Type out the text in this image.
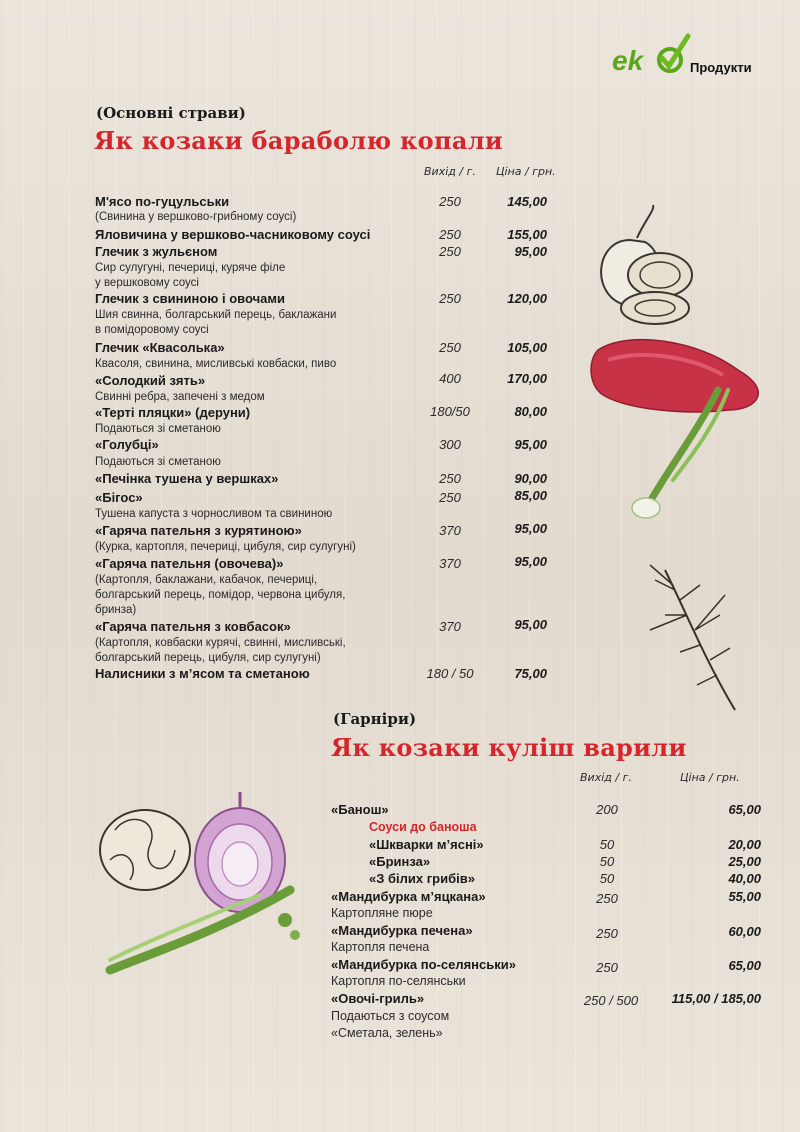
ek	Продукти
(Основні страви)
Як козаки бараболю копали
Вихід / г. Ціна / грн.
М'ясо по-гуцульськи
(Свинина у вершково-грибному соусі)
250	145,00
Яловичина у вершково-часниковому соусі	250	155,00
Глечик з жульєном
Сир сулугуні, печериці, куряче філе
у вершковому соусі
250	95,00
Глечик з свининою і овочами
Шия свинна, болгарський перець, баклажани
в помідоровому соусі
250	120,00
Глечик «Квасолька»
Квасоля, свинина, мисливські ковбаски, пиво
250	105,00
«Солодкий зять»
Свинні ребра, запечені з медом
400	170,00
«Терті пляцки» (деруни)
Подаються зі сметаною
180/50	80,00
«Голубці»
Подаються зі сметаною
300	95,00
«Печінка тушена у вершках»	250	90,00
«Бігос»
Тушена капуста з чорносливом та свининою
250	85,00
«Гаряча пательня з курятиною»
(Курка, картопля, печериці, цибуля, сир сулугуні)
370	95,00
«Гаряча пательня (овочева)»
(Картопля, баклажани, кабачок, печериці,
болгарський перець, помідор, червона цибуля,
бринза)
370	95,00
«Гаряча пательня з ковбасок»
(Картопля, ковбаски курячі, свинні, мисливські,
болгарський перець, цибуля, сир сулугуні)
370	95,00
Налисники з м’ясом та сметаною	180 / 50	75,00
(Гарніри)
Як козаки куліш варили
Вихід / г.	Ціна / грн.
«Банош»	200	65,00
Соуси до баноша
«Шкварки м’ясні»	50	20,00
«Бринза»	50	25,00
«З білих грибів»	50	40,00
«Мандибурка м’яцкана»
Картопляне пюре
250	55,00
«Мандибурка печена»
Картопля печена
250	60,00
«Мандибурка по-селянськи»
Картопля по-селянськи
250	65,00
«Овочі-гриль»
Подаються з соусом
«Сметала, зелень»
250 / 500	115,00 / 185,00
